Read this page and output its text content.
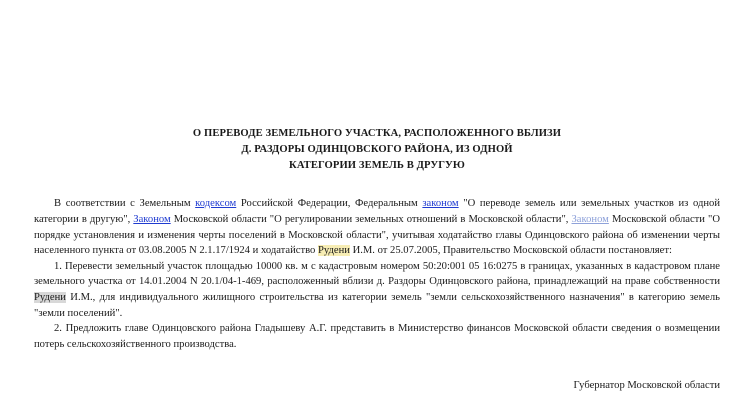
О ПЕРЕВОДЕ ЗЕМЕЛЬНОГО УЧАСТКА, РАСПОЛОЖЕННОГО ВБЛИЗИ
Д. РАЗДОРЫ ОДИНЦОВСКОГО РАЙОНА, ИЗ ОДНОЙ
КАТЕГОРИИ ЗЕМЕЛЬ В ДРУГУЮ

В соответствии с Земельным кодексом Российской Федерации, Федеральным законом "О переводе земель или земельных участков из одной категории в другую", Законом Московской области "О регулировании земельных отношений в Московской области", Законом Московской области "О порядке установления и изменения черты поселений в Московской области", учитывая ходатайство главы Одинцовского района об изменении черты населенного пункта от 03.08.2005 N 2.1.17/1924 и ходатайство Рудени И.М. от 25.07.2005, Правительство Московской области постановляет:

1. Перевести земельный участок площадью 10000 кв. м с кадастровым номером 50:20:001 05 16:0275 в границах, указанных в кадастровом плане земельного участка от 14.01.2004 N 20.1/04-1-469, расположенный вблизи д. Раздоры Одинцовского района, принадлежащий на праве собственности Рудени И.М., для индивидуального жилищного строительства из категории земель "земли сельскохозяйственного назначения" в категорию земель "земли поселений".

2. Предложить главе Одинцовского района Гладышеву А.Г. представить в Министерство финансов Московской области сведения о возмещении потерь сельскохозяйственного производства.

Губернатор Московской области
